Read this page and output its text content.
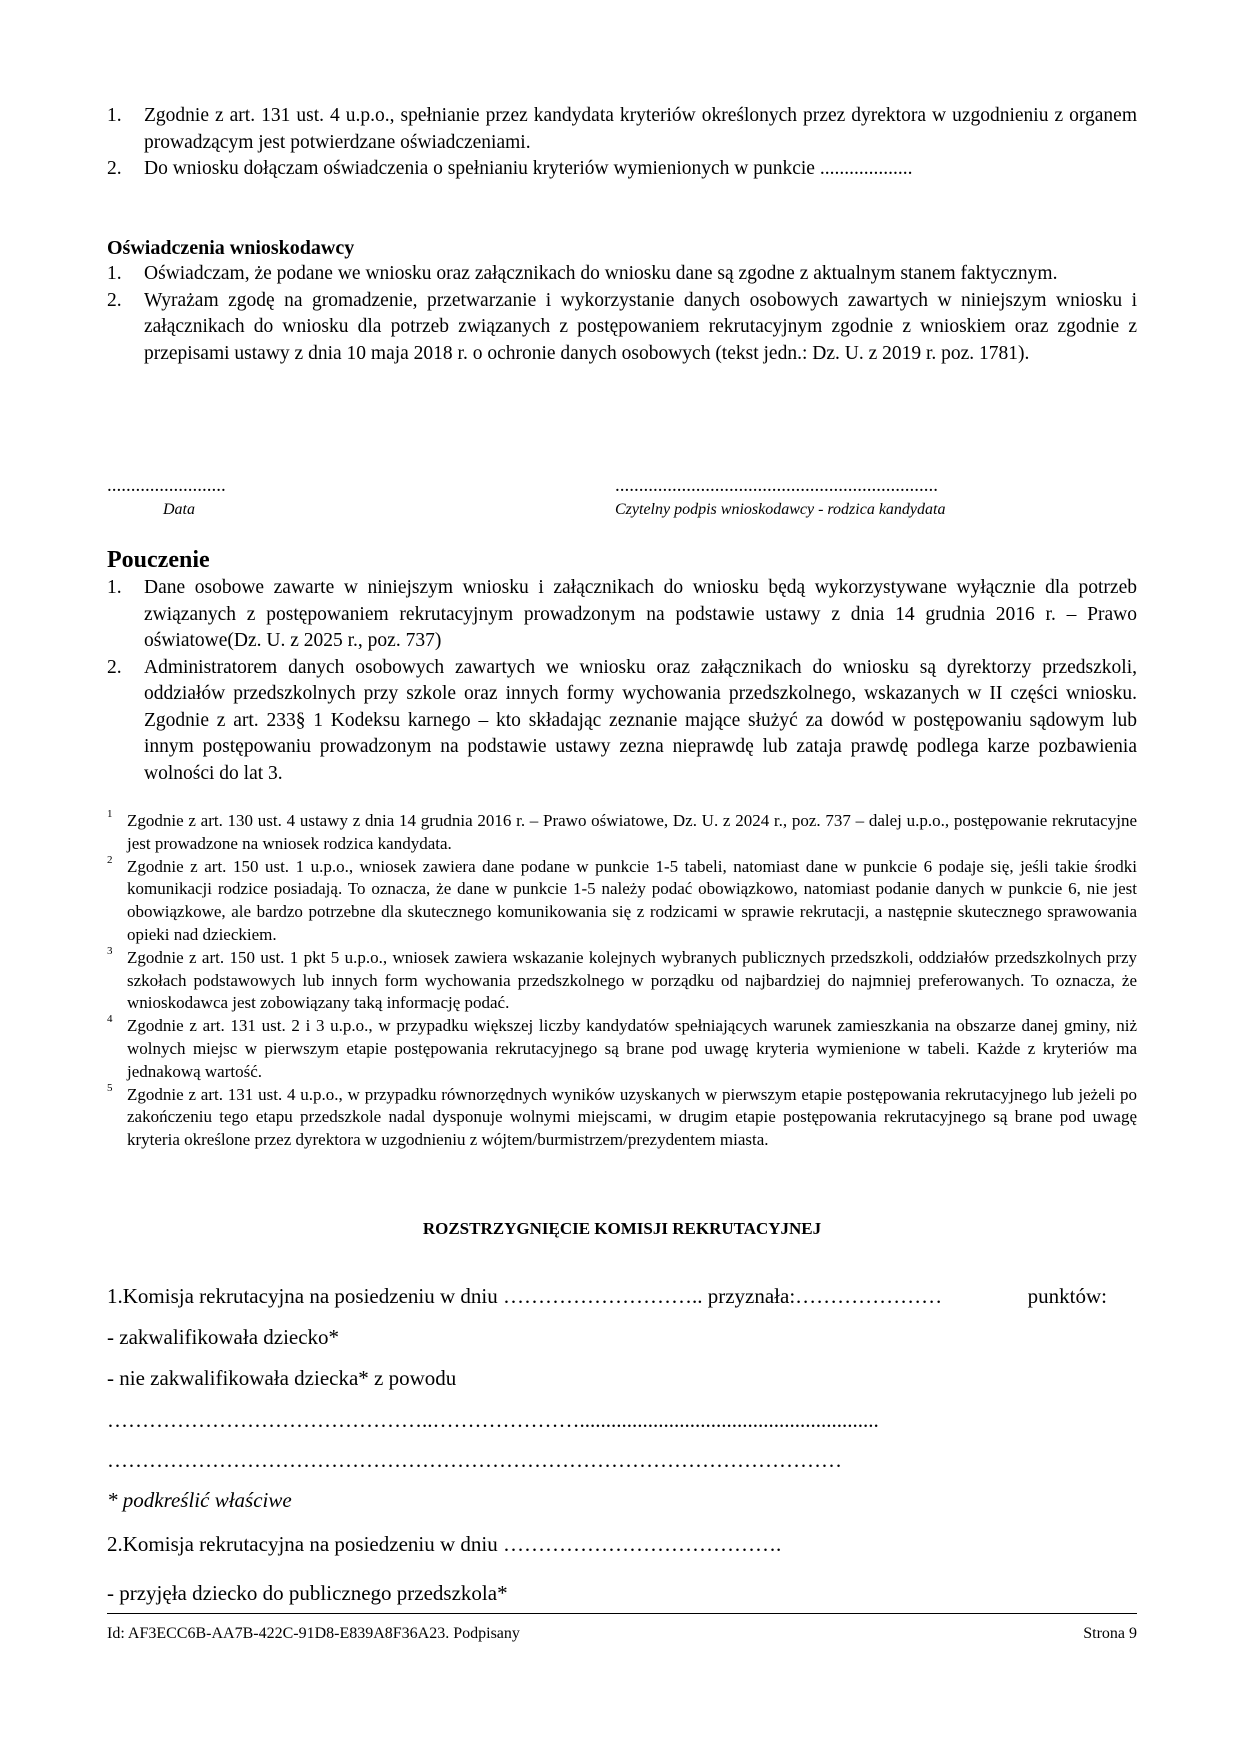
1. Zgodnie z art. 131 ust. 4 u.p.o., spełnianie przez kandydata kryteriów określonych przez dyrektora w uzgodnieniu z organem prowadzącym jest potwierdzane oświadczeniami.
2. Do wniosku dołączam oświadczenia o spełnianiu kryteriów wymienionych w punkcie ...................
Oświadczenia wnioskodawcy
1. Oświadczam, że podane we wniosku oraz załącznikach do wniosku dane są zgodne z aktualnym stanem faktycznym.
2. Wyrażam zgodę na gromadzenie, przetwarzanie i wykorzystanie danych osobowych zawartych w niniejszym wniosku i załącznikach do wniosku dla potrzeb związanych z postępowaniem rekrutacyjnym zgodnie z wnioskiem oraz zgodnie z przepisami ustawy z dnia 10 maja 2018 r. o ochronie danych osobowych (tekst jedn.: Dz. U. z 2019 r. poz. 1781).
.........................
Data
....................................................................
Czytelny podpis wnioskodawcy - rodzica kandydata
Pouczenie
1. Dane osobowe zawarte w niniejszym wniosku i załącznikach do wniosku będą wykorzystywane wyłącznie dla potrzeb związanych z postępowaniem rekrutacyjnym prowadzonym na podstawie ustawy z dnia 14 grudnia 2016 r. – Prawo oświatowe(Dz. U. z 2025 r., poz. 737)
2. Administratorem danych osobowych zawartych we wniosku oraz załącznikach do wniosku są dyrektorzy przedszkoli, oddziałów przedszkolnych przy szkole oraz innych formy wychowania przedszkolnego, wskazanych w II części wniosku. Zgodnie z art. 233§ 1 Kodeksu karnego – kto składając zeznanie mające służyć za dowód w postępowaniu sądowym lub innym postępowaniu prowadzonym na podstawie ustawy zezna nieprawdę lub zataja prawdę podlega karze pozbawienia wolności do lat 3.
1 Zgodnie z art. 130 ust. 4 ustawy z dnia 14 grudnia 2016 r. – Prawo oświatowe, Dz. U. z 2024 r., poz. 737 – dalej u.p.o., postępowanie rekrutacyjne jest prowadzone na wniosek rodzica kandydata.
2 Zgodnie z art. 150 ust. 1 u.p.o., wniosek zawiera dane podane w punkcie 1-5 tabeli, natomiast dane w punkcie 6 podaje się, jeśli takie środki komunikacji rodzice posiadają. To oznacza, że dane w punkcie 1-5 należy podać obowiązkowo, natomiast podanie danych w punkcie 6, nie jest obowiązkowe, ale bardzo potrzebne dla skutecznego komunikowania się z rodzicami w sprawie rekrutacji, a następnie skutecznego sprawowania opieki nad dzieckiem.
3 Zgodnie z art. 150 ust. 1 pkt 5 u.p.o., wniosek zawiera wskazanie kolejnych wybranych publicznych przedszkoli, oddziałów przedszkolnych przy szkołach podstawowych lub innych form wychowania przedszkolnego w porządku od najbardziej do najmniej preferowanych. To oznacza, że wnioskodawca jest zobowiązany taką informację podać.
4 Zgodnie z art. 131 ust. 2 i 3 u.p.o., w przypadku większej liczby kandydatów spełniających warunek zamieszkania na obszarze danej gminy, niż wolnych miejsc w pierwszym etapie postępowania rekrutacyjnego są brane pod uwagę kryteria wymienione w tabeli. Każde z kryteriów ma jednakową wartość.
5 Zgodnie z art. 131 ust. 4 u.p.o., w przypadku równorzędnych wyników uzyskanych w pierwszym etapie postępowania rekrutacyjnego lub jeżeli po zakończeniu tego etapu przedszkole nadal dysponuje wolnymi miejscami, w drugim etapie postępowania rekrutacyjnego są brane pod uwagę kryteria określone przez dyrektora w uzgodnieniu z wójtem/burmistrzem/prezydentem miasta.
ROZSTRZYGNIĘCIE KOMISJI REKRUTACYJNEJ
1.Komisja rekrutacyjna na posiedzeniu w dniu ……………………….. przyznała:…………………	punktów:
- zakwalifikowała dziecko*
- nie zakwalifikowała dziecka* z powodu
………………………………………..………………….........................................................
……………………………………………………………………………………………
* podkreślić właściwe
2.Komisja rekrutacyjna na posiedzeniu w dniu ………………………………….
- przyjęła dziecko do publicznego przedszkola*
Id: AF3ECC6B-AA7B-422C-91D8-E839A8F36A23. Podpisany	Strona 9
